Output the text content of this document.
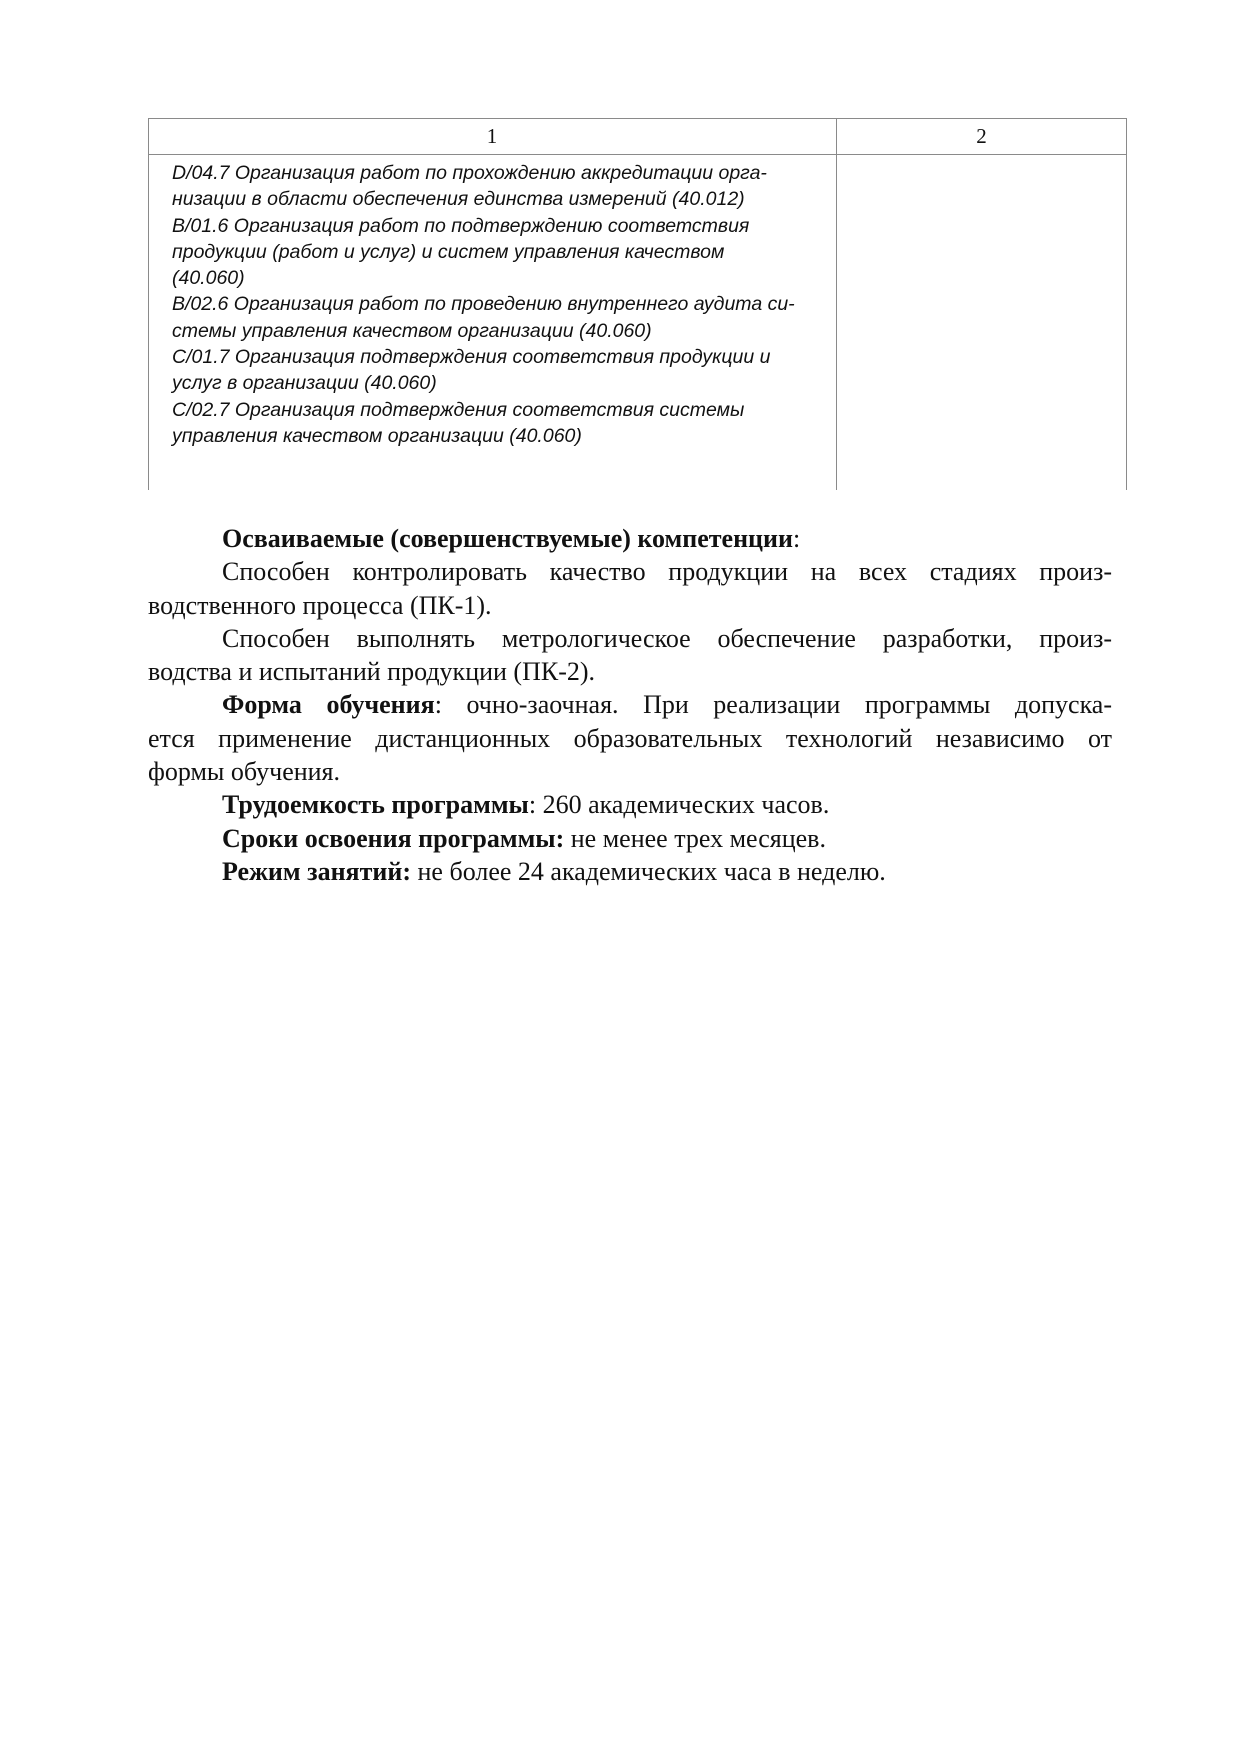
1	2
D/04.7 Организация работ по прохождению аккредитации орга-
низации в области обеспечения единства измерений (40.012)
B/01.6 Организация работ по подтверждению соответствия
продукции (работ и услуг) и систем управления качеством
(40.060)
B/02.6 Организация работ по проведению внутреннего аудита си-
стемы управления качеством организации (40.060)
C/01.7 Организация подтверждения соответствия продукции и
услуг в организации (40.060)
C/02.7 Организация подтверждения соответствия системы
управления качеством организации (40.060)
Осваиваемые (совершенствуемые) компетенции:
Способен контролировать качество продукции на всех стадиях произ-
водственного процесса (ПК-1).
Способен выполнять метрологическое обеспечение разработки, произ-
водства и испытаний продукции (ПК-2).
Форма обучения: очно-заочная. При реализации программы допуска-
ется применение дистанционных образовательных технологий независимо от
формы обучения.
Трудоемкость программы: 260 академических часов.
Сроки освоения программы: не менее трех месяцев.
Режим занятий: не более 24 академических часа в неделю.
